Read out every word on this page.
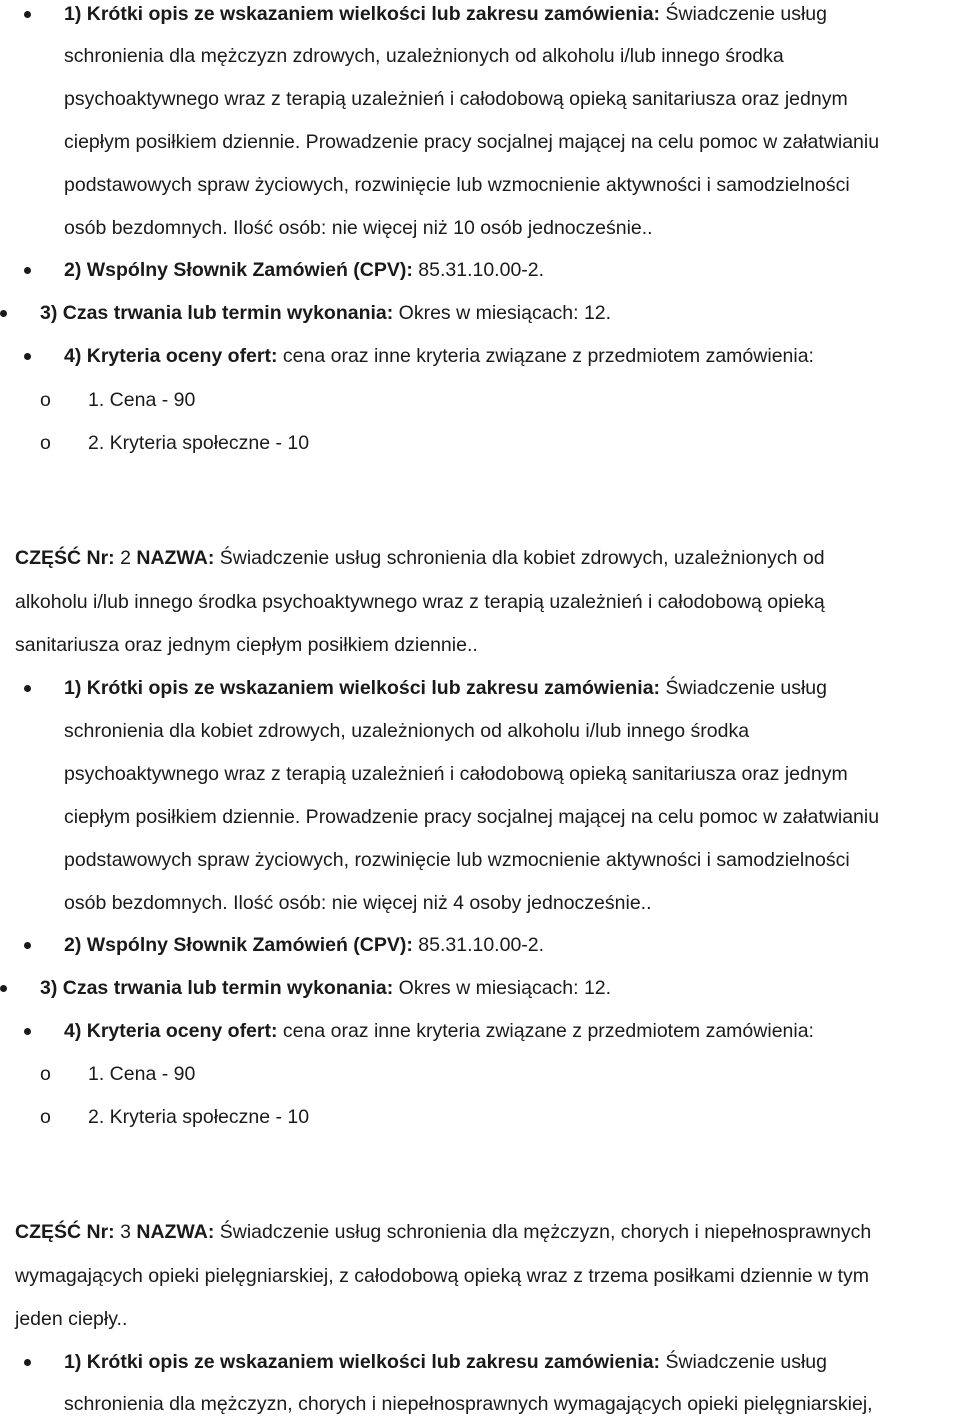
1) Krótki opis ze wskazaniem wielkości lub zakresu zamówienia: Świadczenie usług
schronienia dla mężczyzn zdrowych, uzależnionych od alkoholu i/lub innego środka
psychoaktywnego wraz z terapią uzależnień i całodobową opieką sanitariusza oraz jednym
ciepłym posiłkiem dziennie. Prowadzenie pracy socjalnej mającej na celu pomoc w załatwianiu
podstawowych spraw życiowych, rozwinięcie lub wzmocnienie aktywności i samodzielności
osób bezdomnych. Ilość osób: nie więcej niż 10 osób jednocześnie..
2) Wspólny Słownik Zamówień (CPV): 85.31.10.00-2.
3) Czas trwania lub termin wykonania: Okres w miesiącach: 12.
4) Kryteria oceny ofert: cena oraz inne kryteria związane z przedmiotem zamówienia:
o 1. Cena - 90
o 2. Kryteria społeczne - 10
CZĘŚĆ Nr: 2 NAZWA: Świadczenie usług schronienia dla kobiet zdrowych, uzależnionych od
alkoholu i/lub innego środka psychoaktywnego wraz z terapią uzależnień i całodobową opieką
sanitariusza oraz jednym ciepłym posiłkiem dziennie..
1) Krótki opis ze wskazaniem wielkości lub zakresu zamówienia: Świadczenie usług
schronienia dla kobiet zdrowych, uzależnionych od alkoholu i/lub innego środka
psychoaktywnego wraz z terapią uzależnień i całodobową opieką sanitariusza oraz jednym
ciepłym posiłkiem dziennie. Prowadzenie pracy socjalnej mającej na celu pomoc w załatwianiu
podstawowych spraw życiowych, rozwinięcie lub wzmocnienie aktywności i samodzielności
osób bezdomnych. Ilość osób: nie więcej niż 4 osoby jednocześnie..
2) Wspólny Słownik Zamówień (CPV): 85.31.10.00-2.
3) Czas trwania lub termin wykonania: Okres w miesiącach: 12.
4) Kryteria oceny ofert: cena oraz inne kryteria związane z przedmiotem zamówienia:
o 1. Cena - 90
o 2. Kryteria społeczne - 10
CZĘŚĆ Nr: 3 NAZWA: Świadczenie usług schronienia dla mężczyzn, chorych i niepełnosprawnych
wymagających opieki pielęgniarskiej, z całodobową opieką wraz z trzema posiłkami dziennie w tym
jeden ciepły..
1) Krótki opis ze wskazaniem wielkości lub zakresu zamówienia: Świadczenie usług
schronienia dla mężczyzn, chorych i niepełnosprawnych wymagających opieki pielęgniarskiej,
